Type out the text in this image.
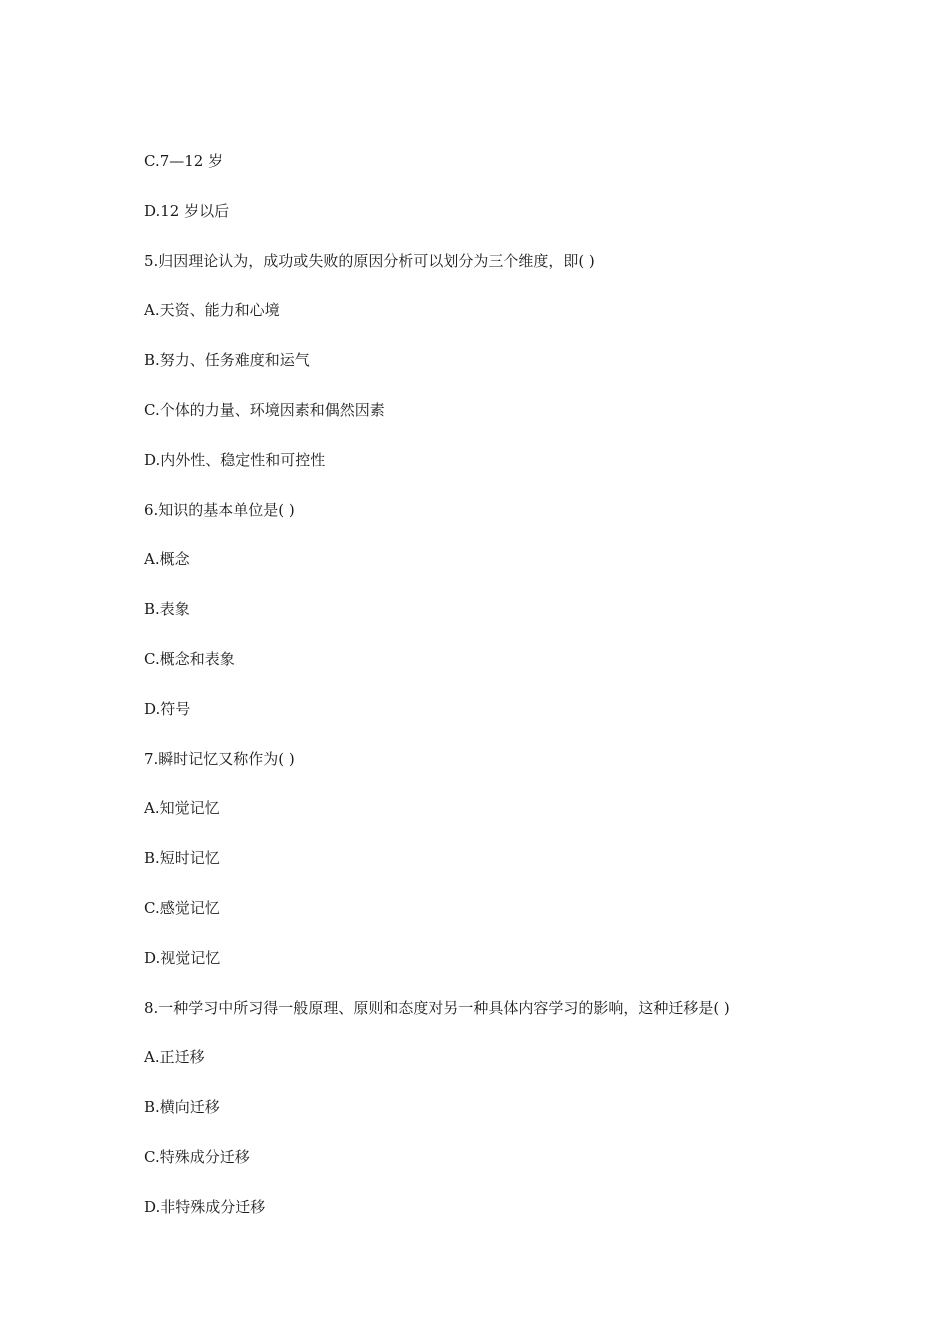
C.7—12 岁
D.12 岁以后
5.归因理论认为，成功或失败的原因分析可以划分为三个维度，即( )
A.天资、能力和心境
B.努力、任务难度和运气
C.个体的力量、环境因素和偶然因素
D.内外性、稳定性和可控性
6.知识的基本单位是( )
A.概念
B.表象
C.概念和表象
D.符号
7.瞬时记忆又称作为( )
A.知觉记忆
B.短时记忆
C.感觉记忆
D.视觉记忆
8.一种学习中所习得一般原理、原则和态度对另一种具体内容学习的影响，这种迁移是( )
A.正迁移
B.横向迁移
C.特殊成分迁移
D.非特殊成分迁移
